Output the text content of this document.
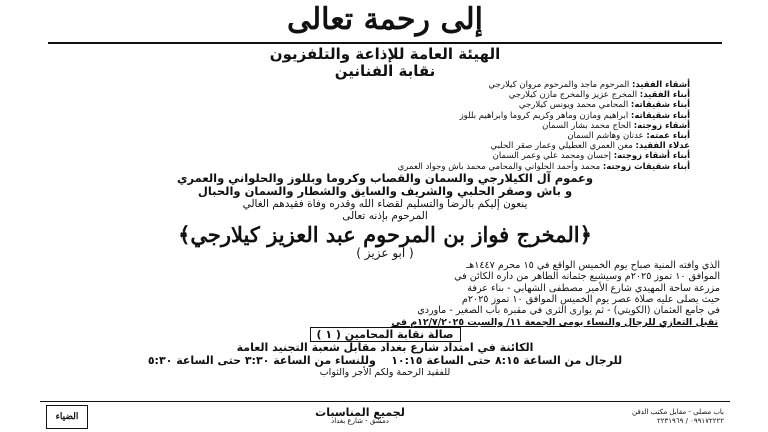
إلى رحمة تعالى
الهيئة العامة للإذاعة والتلفزيون
نقابة الفنانين
أشقاء الفقيد: المرحوم ماجد والمرحوم مروان كيلارجي
أبناء الفقيد: المخرج عزيز والمخرج مازن كيلارجي
أبناء شقيقاته: المحامي محمد ويونس كيلارجي
أبناء شقيقاته: ابراهيم ومازن وماهر وكريم كروما وابراهيم بللوز
أشقاء زوجته: الحاج محمد بشار السمان
أبناء عمته: عدنان وهاشم السمان
عدلاء الفقيد: معن العمري العطيلي وعمار صقر الحلبي
أبناء أشقاء زوجته: إحسان ومحمد علي وعمر السمان
أبناء شقيقات زوجته: محمد وأحمد الحلواني والمحامي محمد باش وجواد العمري
وعموم آل الكيلارجي والسمان والقصاب وكروما وبللوز والحلواني والعمري
و باش وصقر الحلبي والشريف والسايق والشطار والسمان والحبال
ينعون إليكم بالرضا والتسليم لقضاء الله وقدره وفاة فقيدهم الغالي
المرحوم بإذنه تعالى
﴿المخرج فواز بن المرحوم عبد العزيز كيلارجي﴾
( أبو عزيز )
الذي وافته المنية صباح يوم الخميس الواقع في ١٥ محرم ١٤٤٧هـ
الموافق ١٠ تموز ٢٠٢٥م وسيشيع جثمانه الطاهر من داره الكائن في
مزرعة ساحة المهيدي شارع الأمير مصطفى الشهابي - بناء عرفة
حيث يصلى عليه صلاة عصر يوم الخميس الموافق ١٠ تموز ٢٠٢٥م
في جامع العثمان (الكويتي) - ثم يوارى الثرى في مقبرة باب الصغير - ماوردي
تقبل التعازي للرجال والنساء يومي الجمعة ١١/ والسبت ١٢/٧/٢٠٢٥م في
صالة نقابة المحامين ( ١ )
الكائنة في امتداد شارع بغداد مقابل شعبة التجنيد العامة
للرجال من الساعة ٨:١٥ حتى الساعة ١٠:١٥    وللنساء من الساعة ٣:٣٠ حتى الساعة ٥:٣٠
للفقيد الرحمة ولكم الأجر والثواب
باب مصلى - مقابل مكتب الدفن
٠٩٩١٧٢٢٢٢ / ٢٢٣١٩٦٩
لجميع المناسبات
دمشق - شارع بغداد
الضياء
